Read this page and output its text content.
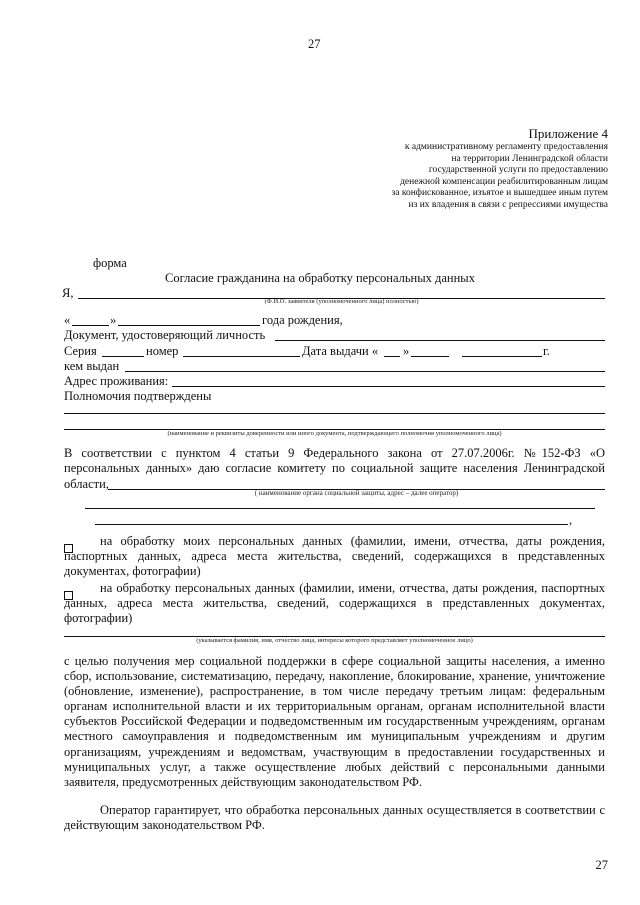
27
Приложение 4
к административному регламенту предоставления
на территории Ленинградской области
государственной услуги по предоставлению
денежной компенсации реабилитированным лицам
за конфискованное, изъятое и вышедшее иным путем
из их владения в связи с репрессиями имущества
форма
Согласие гражданина на обработку персональных данных
Я,
(Ф.И.О. заявителя (уполномоченного лица) полностью)
«	»	года рождения,
Документ, удостоверяющий личность
Серия	номер	Дата выдачи « »	г.
кем выдан
Адрес проживания:
Полномочия подтверждены
(наименование и реквизиты доверенности или иного документа, подтверждающего полномочия уполномоченного лица)
В соответствии с пунктом 4 статьи 9 Федерального закона от 27.07.2006г. №152-ФЗ «О персональных данных» даю согласие комитету по социальной защите населения Ленинградской
области,
( наименование органа социальной защиты, адрес – далее оператор)
,
на обработку моих персональных данных (фамилии, имени, отчества, даты рождения, паспортных данных, адреса места жительства, сведений, содержащихся в представленных документах, фотографии)
на обработку персональных данных (фамилии, имени, отчества, даты рождения, паспортных данных, адреса места жительства, сведений, содержащихся в представленных документах, фотографии)
(указывается фамилия, имя, отчество лица, интересы которого представляет уполномоченное лицо)
с целью получения мер социальной поддержки в сфере социальной защиты населения, а именно сбор, использование, систематизацию, передачу, накопление, блокирование, хранение, уничтожение (обновление, изменение), распространение, в том числе передачу третьим лицам: федеральным органам исполнительной власти и их территориальным органам, органам исполнительной власти субъектов Российской Федерации и подведомственным им государственным учреждениям, органам местного самоуправления и подведомственным им муниципальным учреждениям и другим организациям, учреждениям и ведомствам, участвующим в предоставлении государственных и муниципальных услуг, а также осуществление любых действий с персональными данными заявителя, предусмотренных действующим законодательством РФ.
Оператор гарантирует, что обработка персональных данных осуществляется в соответствии с действующим законодательством РФ.
27
